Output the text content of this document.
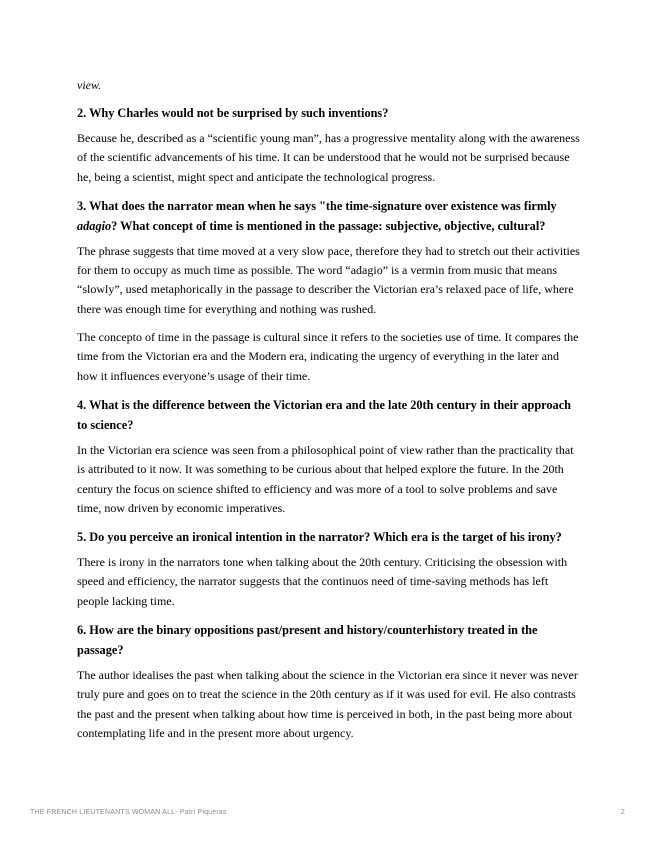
view.
2. Why Charles would not be surprised by such inventions?

Because he, described as a “scientific young man”, has a progressive mentality along with the awareness of the scientific advancements of his time. It can be understood that he would not be surprised because he, being a scientist, might spect and anticipate the technological progress.

3. What does the narrator mean when he says "the time-signature over existence was firmly adagio? What concept of time is mentioned in the passage: subjective, objective, cultural?

The phrase suggests that time moved at a very slow pace, therefore they had to stretch out their activities for them to occupy as much time as possible. The word “adagio” is a vermin from music that means “slowly”, used metaphorically in the passage to describer the Victorian era’s relaxed pace of life, where there was enough time for everything and nothing was rushed.

The concepto of time in the passage is cultural since it refers to the societies use of time. It compares the time from the Victorian era and the Modern era, indicating the urgency of everything in the later and how it influences everyone’s usage of their time.

4. What is the difference between the Victorian era and the late 20th century in their approach to science?

In the Victorian era science was seen from a philosophical point of view rather than the practicality that is attributed to it now. It was something to be curious about that helped explore the future. In the 20th century the focus on science shifted to efficiency and was more of a tool to solve problems and save time, now driven by economic imperatives.

5. Do you perceive an ironical intention in the narrator? Which era is the target of his irony?

There is irony in the narrators tone when talking about the 20th century. Criticising the obsession with speed and efficiency, the narrator suggests that the continuos need of time-saving methods has left people lacking time.

6. How are the binary oppositions past/present and history/counterhistory treated in the passage?

The author idealises the past when talking about the science in the Victorian era since it never was never truly pure and goes on to treat the science in the 20th century as if it was used for evil. He also contrasts the past and the present when talking about how time is perceived in both, in the past being more about contemplating life and in the present more about urgency.

THE FRENCH LIEUTENANTS WOMAN ALL- Patri Piqueras	2
